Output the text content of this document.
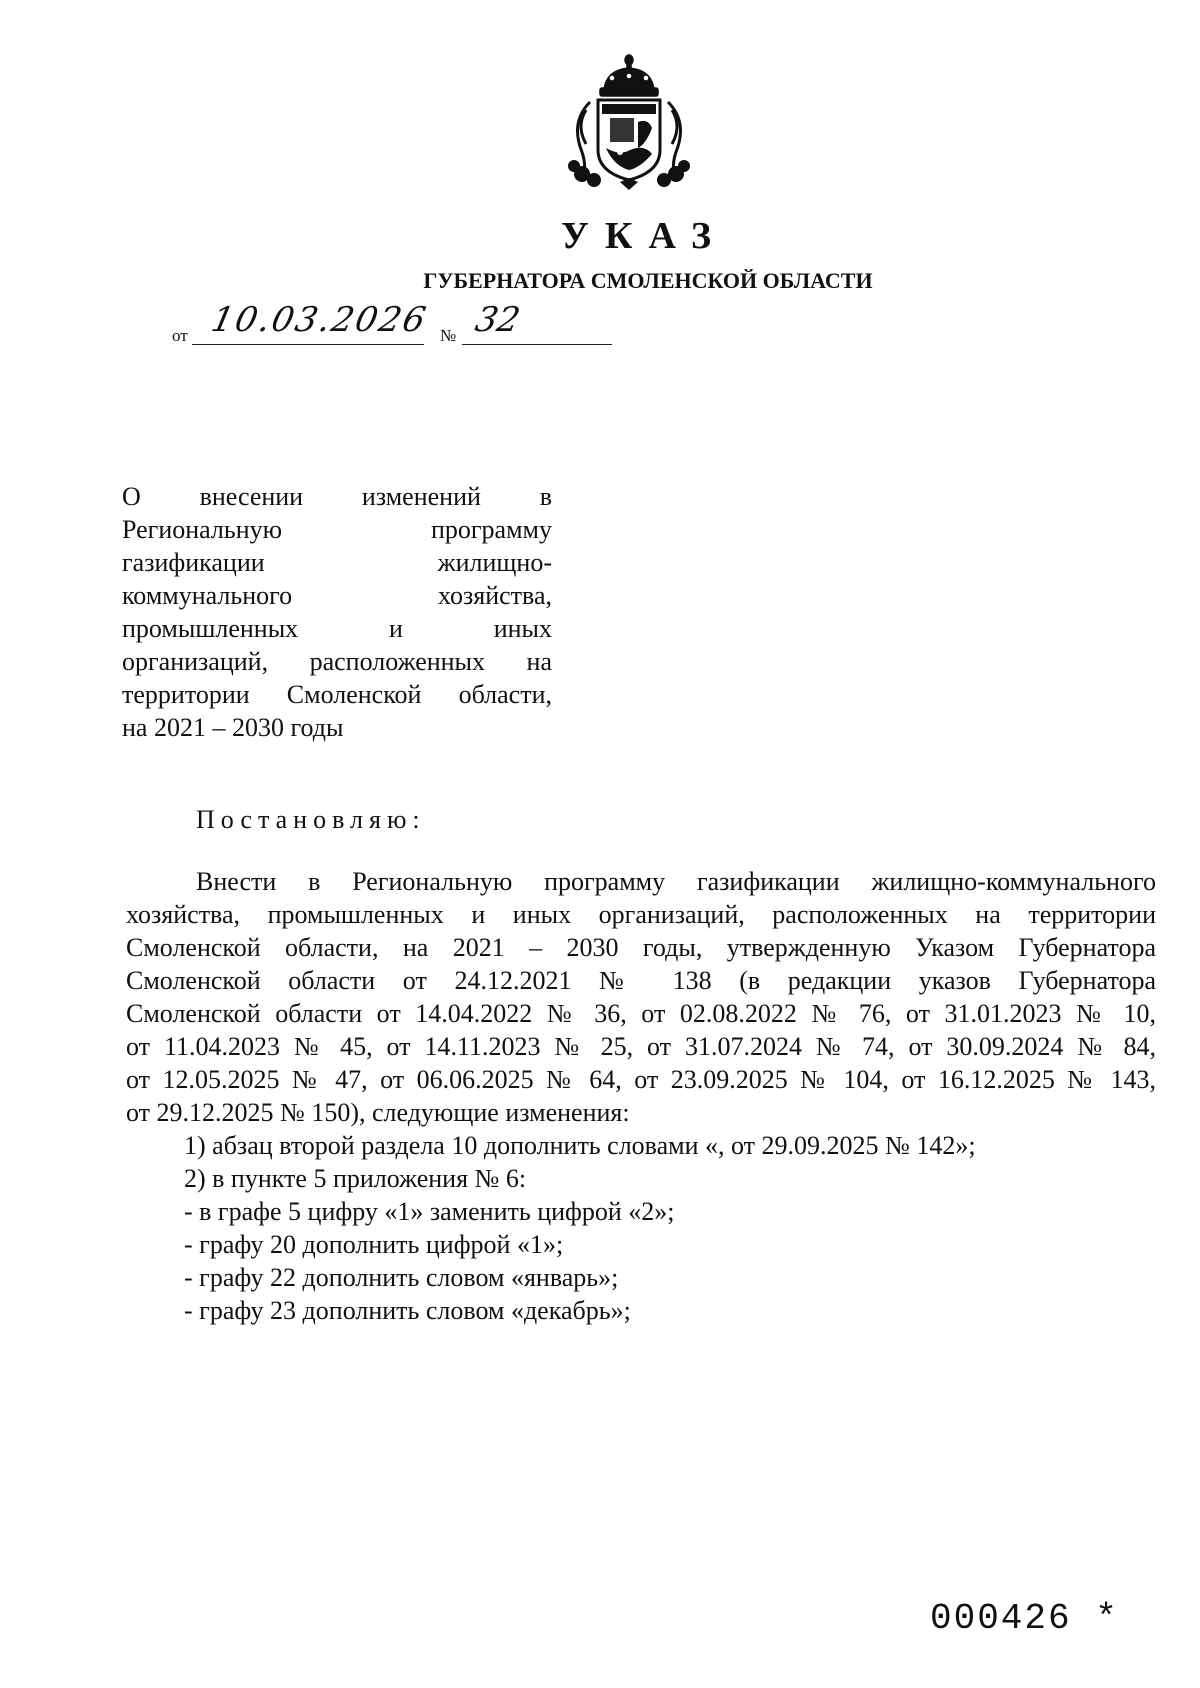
УКАЗ
ГУБЕРНАТОРА СМОЛЕНСКОЙ ОБЛАСТИ
от 10.03.2026 № 32
О внесении изменений в
Региональную программу
газификации жилищно-
коммунального хозяйства,
промышленных и иных
организаций, расположенных на
территории Смоленской области,
на 2021 – 2030 годы
Постановляю:
Внести в Региональную программу газификации жилищно-коммунального
хозяйства, промышленных и иных организаций, расположенных на территории
Смоленской области, на 2021 – 2030 годы, утвержденную Указом Губернатора
Смоленской области от 24.12.2021 № 138 (в редакции указов Губернатора
Смоленской области от 14.04.2022 № 36, от 02.08.2022 № 76, от 31.01.2023 № 10,
от 11.04.2023 № 45, от 14.11.2023 № 25, от 31.07.2024 № 74, от 30.09.2024 № 84,
от 12.05.2025 № 47, от 06.06.2025 № 64, от 23.09.2025 № 104, от 16.12.2025 № 143,
от 29.12.2025 № 150), следующие изменения:
1) абзац второй раздела 10 дополнить словами «, от 29.09.2025 № 142»;
2) в пункте 5 приложения № 6:
- в графе 5 цифру «1» заменить цифрой «2»;
- графу 20 дополнить цифрой «1»;
- графу 22 дополнить словом «январь»;
- графу 23 дополнить словом «декабрь»;
000426 *
